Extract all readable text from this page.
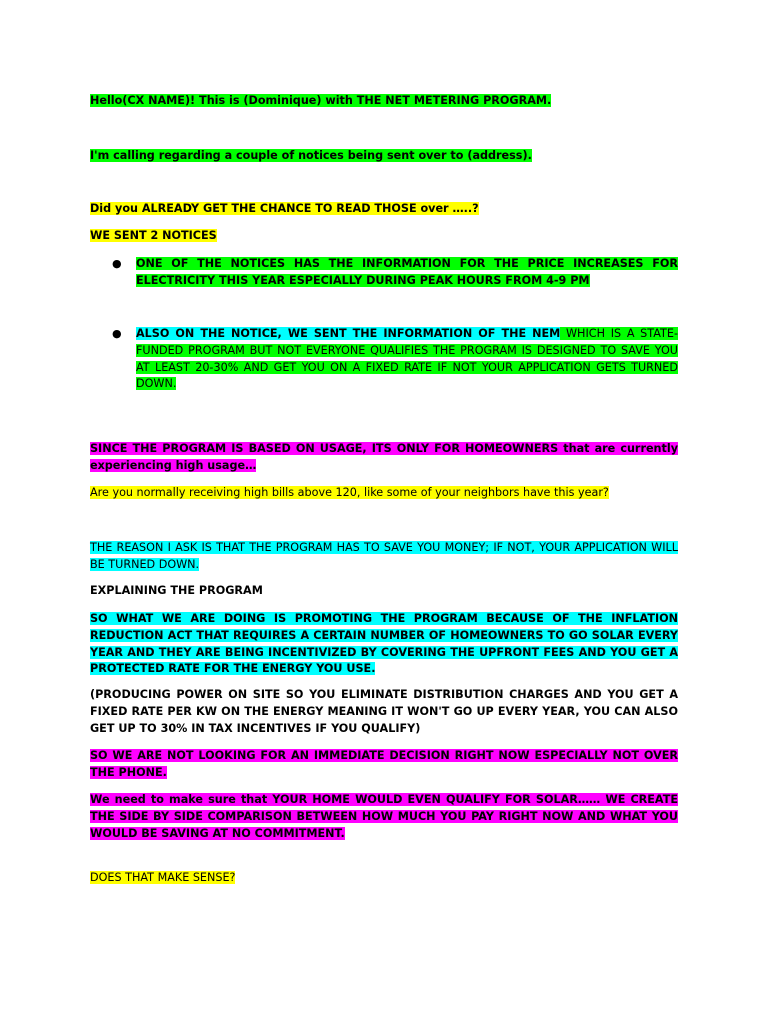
Hello(CX NAME)! This is (Dominique) with THE NET METERING PROGRAM.

I'm calling regarding a couple of notices being sent over to (address).

Did you ALREADY GET THE CHANCE TO READ THOSE over …..?

WE SENT 2 NOTICES

● ONE OF THE NOTICES HAS THE INFORMATION FOR THE PRICE INCREASES FOR ELECTRICITY THIS YEAR ESPECIALLY DURING PEAK HOURS FROM 4-9 PM

● ALSO ON THE NOTICE, WE SENT THE INFORMATION OF THE NEM WHICH IS A STATE-FUNDED PROGRAM BUT NOT EVERYONE QUALIFIES THE PROGRAM IS DESIGNED TO SAVE YOU AT LEAST 20-30% AND GET YOU ON A FIXED RATE IF NOT YOUR APPLICATION GETS TURNED DOWN.

SINCE THE PROGRAM IS BASED ON USAGE, ITS ONLY FOR HOMEOWNERS that are currently experiencing high usage…

Are you normally receiving high bills above 120, like some of your neighbors have this year?

THE REASON I ASK IS THAT THE PROGRAM HAS TO SAVE YOU MONEY; IF NOT, YOUR APPLICATION WILL BE TURNED DOWN.

EXPLAINING THE PROGRAM

SO WHAT WE ARE DOING IS PROMOTING THE PROGRAM BECAUSE OF THE INFLATION REDUCTION ACT THAT REQUIRES A CERTAIN NUMBER OF HOMEOWNERS TO GO SOLAR EVERY YEAR AND THEY ARE BEING INCENTIVIZED BY COVERING THE UPFRONT FEES AND YOU GET A PROTECTED RATE FOR THE ENERGY YOU USE.

(PRODUCING POWER ON SITE SO YOU ELIMINATE DISTRIBUTION CHARGES AND YOU GET A FIXED RATE PER KW ON THE ENERGY MEANING IT WON'T GO UP EVERY YEAR, YOU CAN ALSO GET UP TO 30% IN TAX INCENTIVES IF YOU QUALIFY)

SO WE ARE NOT LOOKING FOR AN IMMEDIATE DECISION RIGHT NOW ESPECIALLY NOT OVER THE PHONE.

We need to make sure that YOUR HOME WOULD EVEN QUALIFY FOR SOLAR…… WE CREATE THE SIDE BY SIDE COMPARISON BETWEEN HOW MUCH YOU PAY RIGHT NOW AND WHAT YOU WOULD BE SAVING AT NO COMMITMENT.

DOES THAT MAKE SENSE?
